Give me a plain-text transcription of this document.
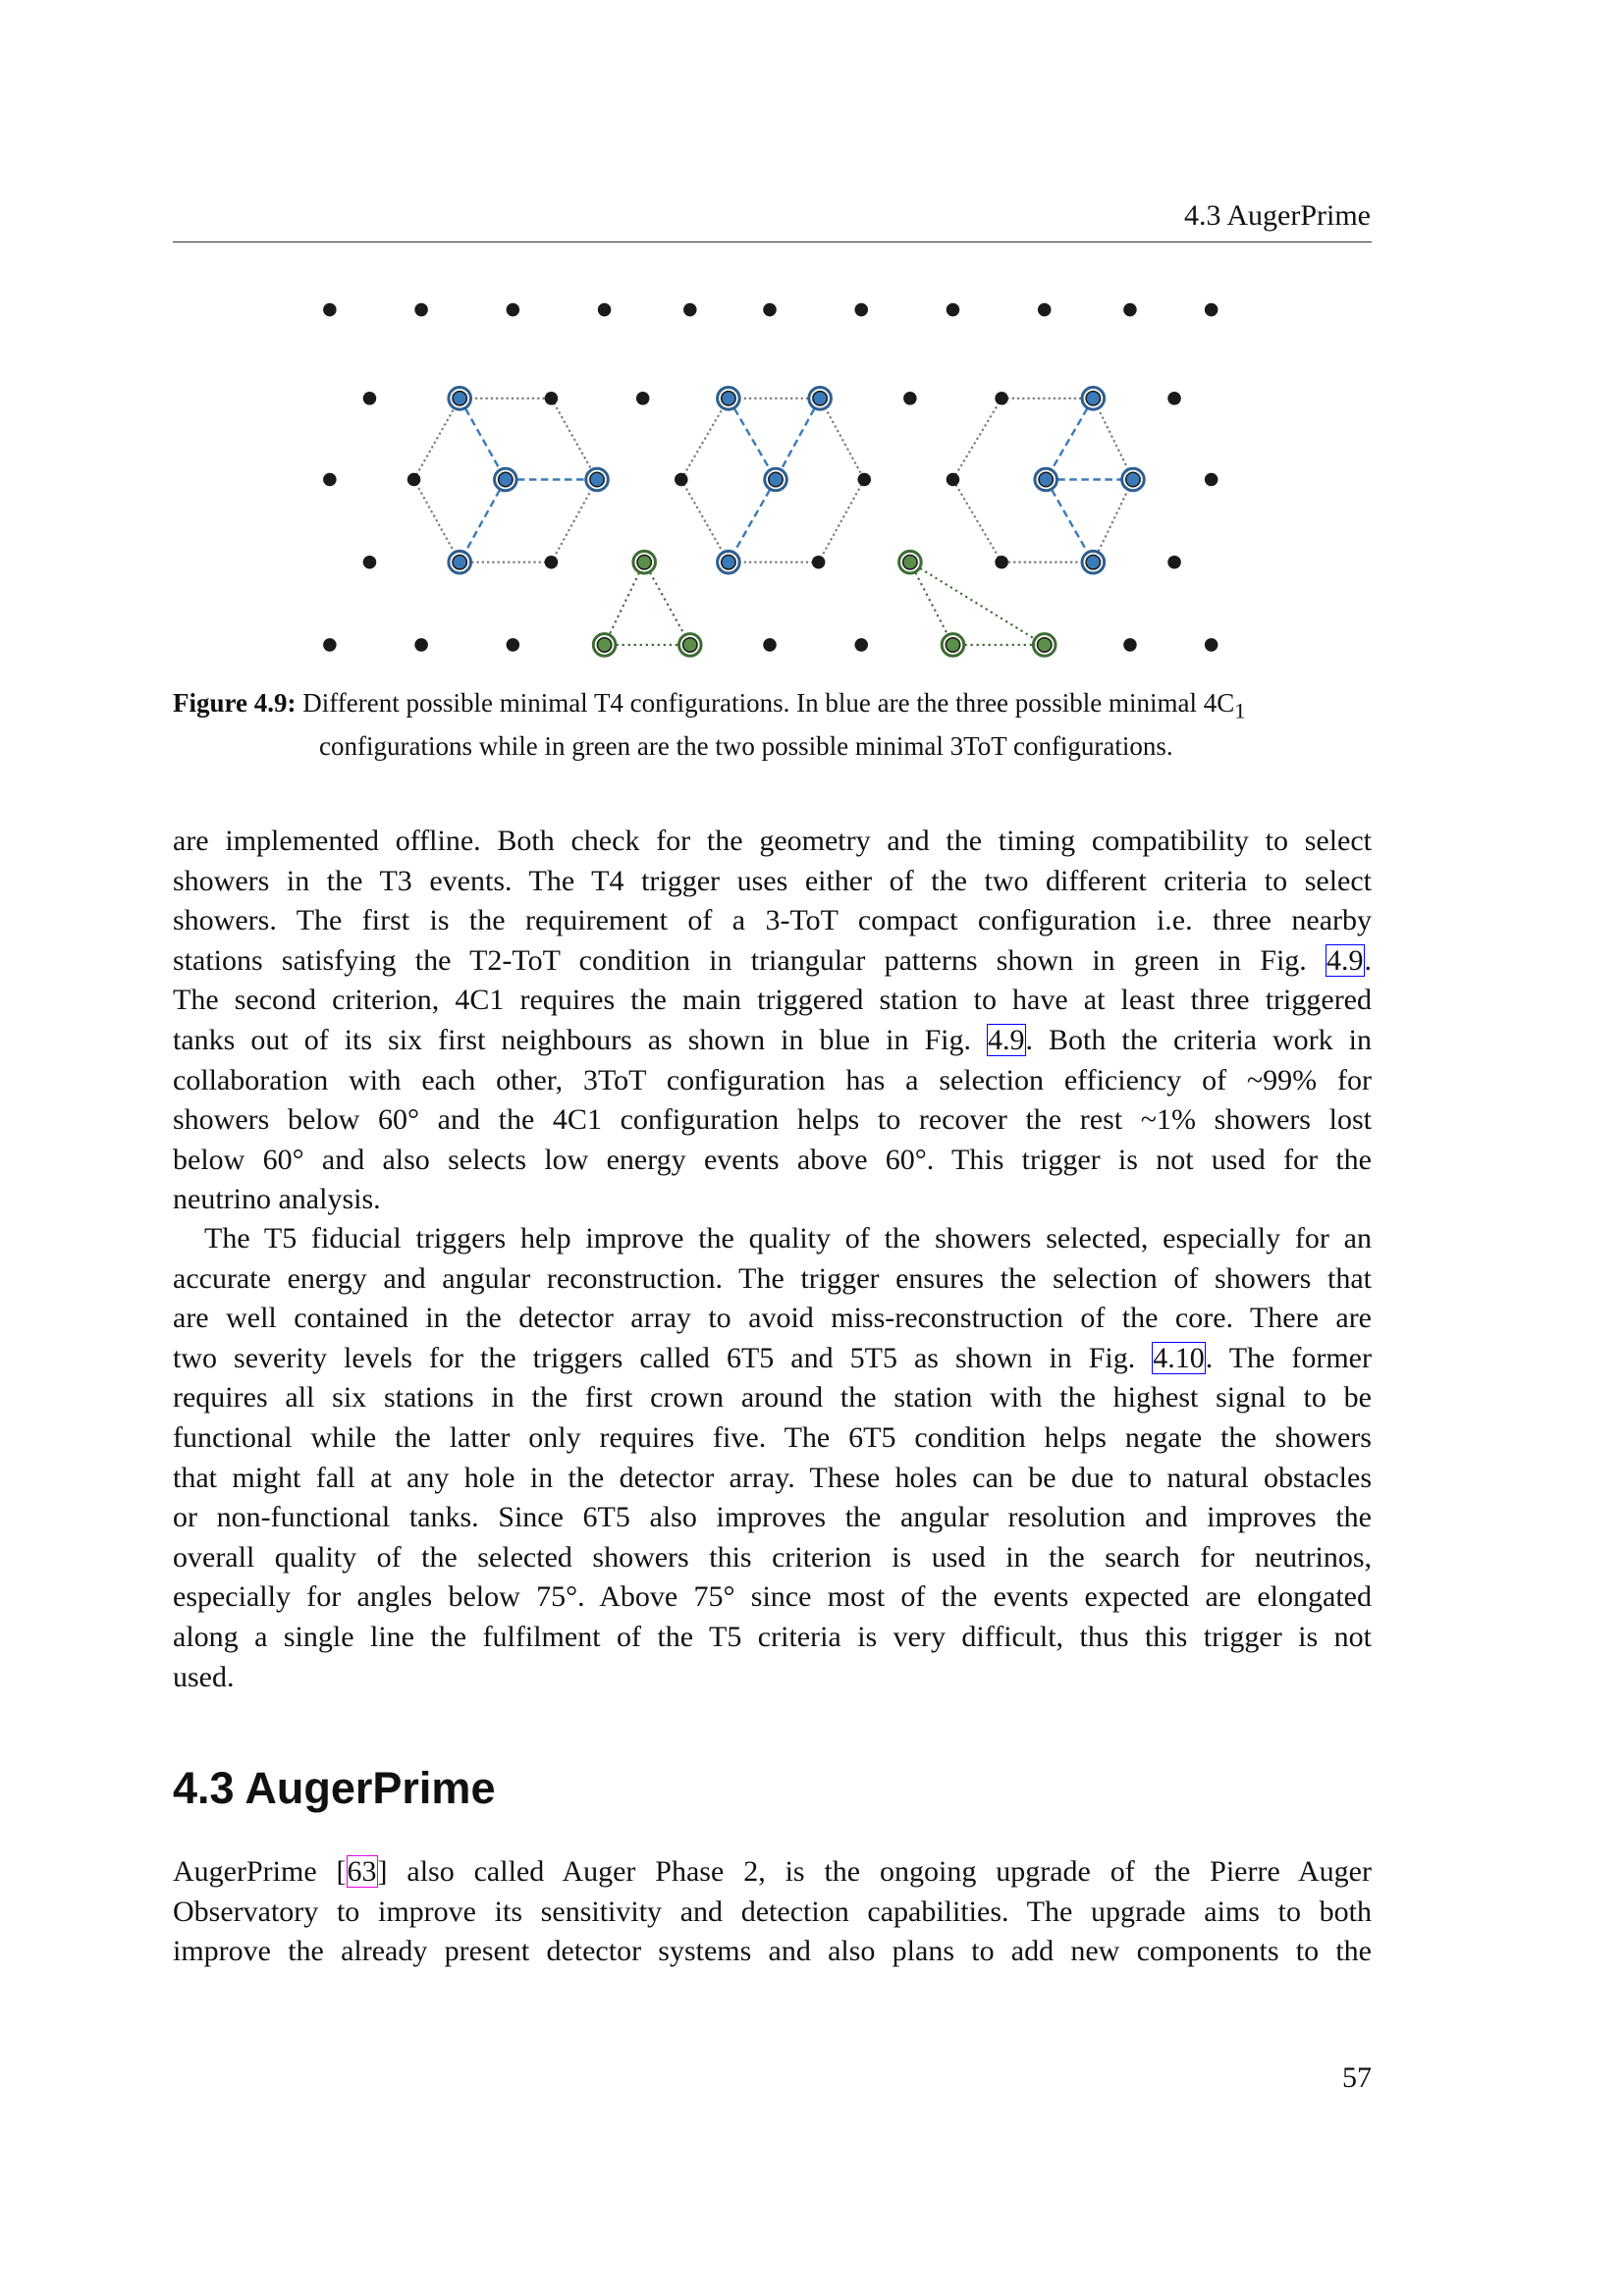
4.3 AugerPrime
Figure 4.9: Different possible minimal T4 configurations. In blue are the three possible minimal $4C_1$
configurations while in green are the two possible minimal 3ToT configurations.
are implemented offline. Both check for the geometry and the timing compatibility to select
showers in the T3 events. The T4 trigger uses either of the two different criteria to select
showers. The first is the requirement of a 3-ToT compact configuration i.e. three nearby
stations satisfying the T2-ToT condition in triangular patterns shown in green in Fig. 4.9.
The second criterion, 4C1 requires the main triggered station to have at least three triggered
tanks out of its six first neighbours as shown in blue in Fig. 4.9. Both the criteria work in
collaboration with each other, 3ToT configuration has a selection efficiency of ~99% for
showers below 60° and the 4C1 configuration helps to recover the rest ~1% showers lost
below 60° and also selects low energy events above 60°. This trigger is not used for the
neutrino analysis.
The T5 fiducial triggers help improve the quality of the showers selected, especially for an
accurate energy and angular reconstruction. The trigger ensures the selection of showers that
are well contained in the detector array to avoid miss-reconstruction of the core. There are
two severity levels for the triggers called 6T5 and 5T5 as shown in Fig. 4.10. The former
requires all six stations in the first crown around the station with the highest signal to be
functional while the latter only requires five. The 6T5 condition helps negate the showers
that might fall at any hole in the detector array. These holes can be due to natural obstacles
or non-functional tanks. Since 6T5 also improves the angular resolution and improves the
overall quality of the selected showers this criterion is used in the search for neutrinos,
especially for angles below 75°. Above 75° since most of the events expected are elongated
along a single line the fulfilment of the T5 criteria is very difficult, thus this trigger is not
used.
4.3 AugerPrime
AugerPrime [63] also called Auger Phase 2, is the ongoing upgrade of the Pierre Auger
Observatory to improve its sensitivity and detection capabilities. The upgrade aims to both
improve the already present detector systems and also plans to add new components to the
57
